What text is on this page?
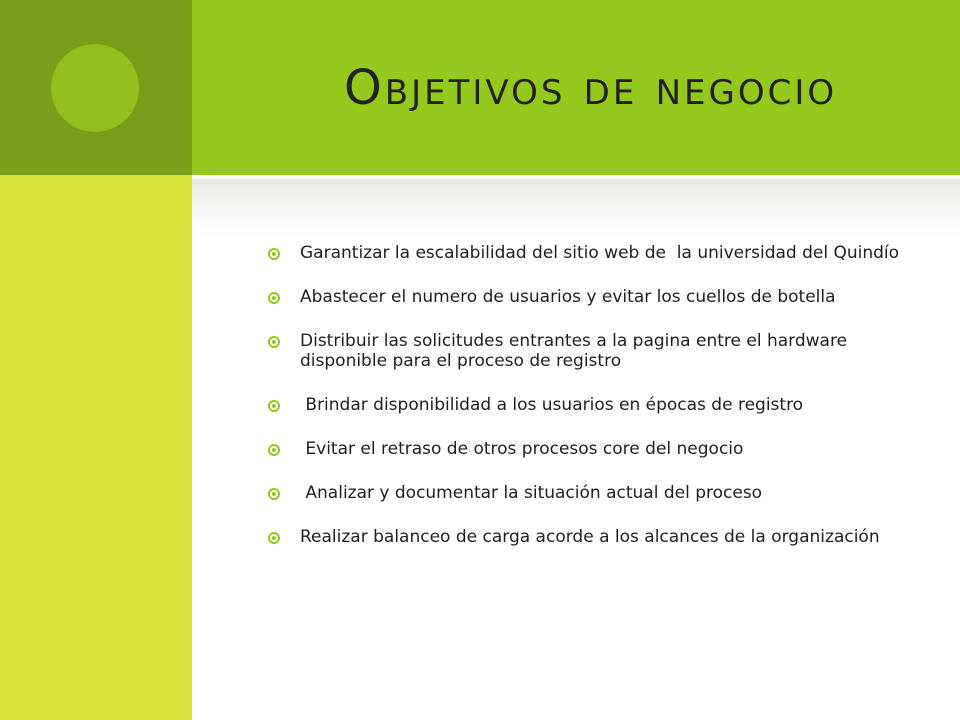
Objetivos de negocio
Garantizar la escalabilidad del sitio web de  la universidad del Quindío
Abastecer el numero de usuarios y evitar los cuellos de botella
Distribuir las solicitudes entrantes a la pagina entre el hardware disponible para el proceso de registro
Brindar disponibilidad a los usuarios en épocas de registro
Evitar el retraso de otros procesos core del negocio
Analizar y documentar la situación actual del proceso
Realizar balanceo de carga acorde a los alcances de la organización
